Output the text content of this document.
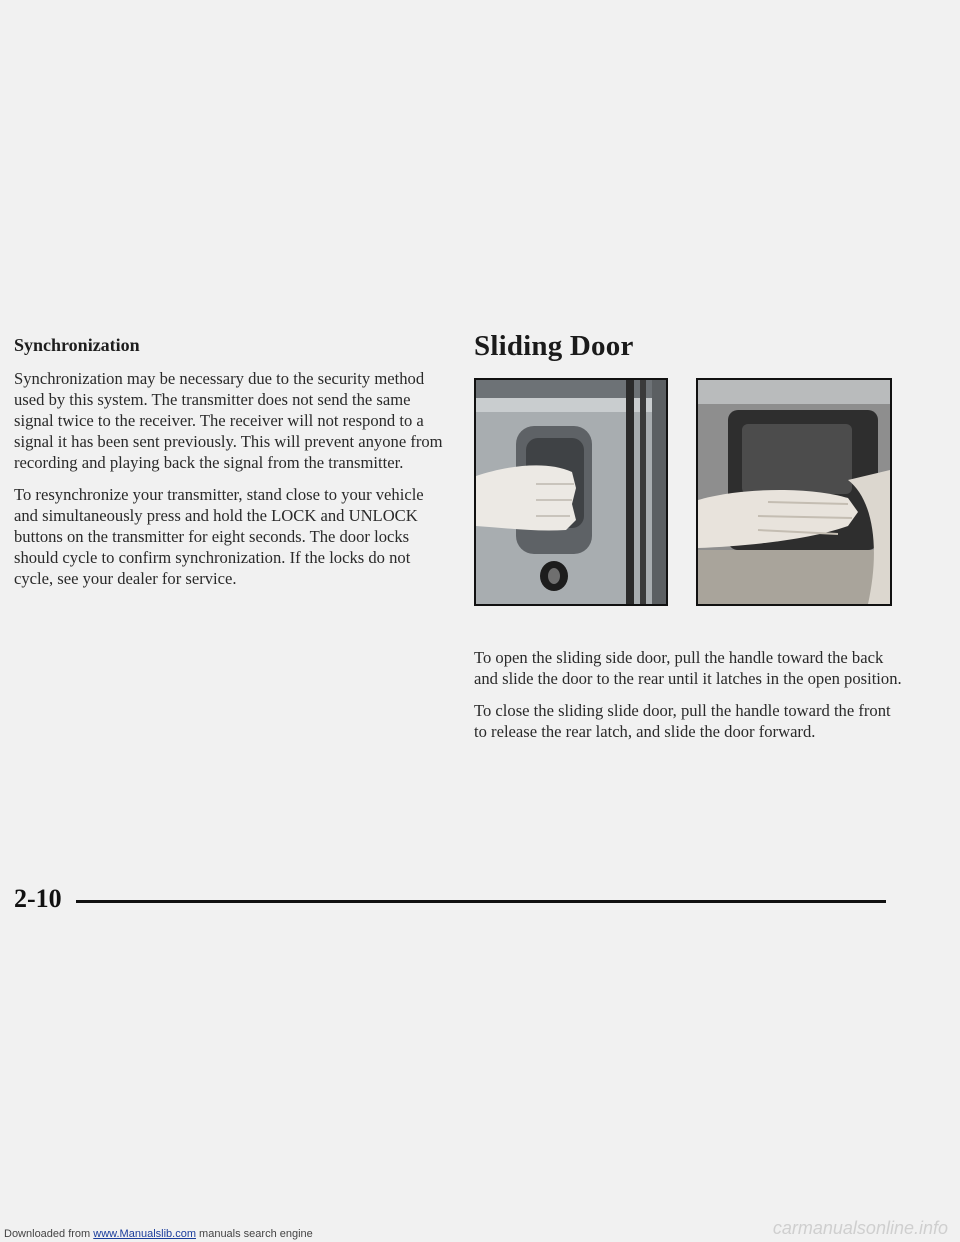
Synchronization

Synchronization may be necessary due to the security method used by this system. The transmitter does not send the same signal twice to the receiver. The receiver will not respond to a signal it has been sent previously. This will prevent anyone from recording and playing back the signal from the transmitter.

To resynchronize your transmitter, stand close to your vehicle and simultaneously press and hold the LOCK and UNLOCK buttons on the transmitter for eight seconds. The door locks should cycle to confirm synchronization. If the locks do not cycle, see your dealer for service.

Sliding Door

To open the sliding side door, pull the handle toward the back and slide the door to the rear until it latches in the open position.

To close the sliding slide door, pull the handle toward the front to release the rear latch, and slide the door forward.

2-10
Downloaded from www.Manualslib.com manuals search engine	carmanualsonline.info
